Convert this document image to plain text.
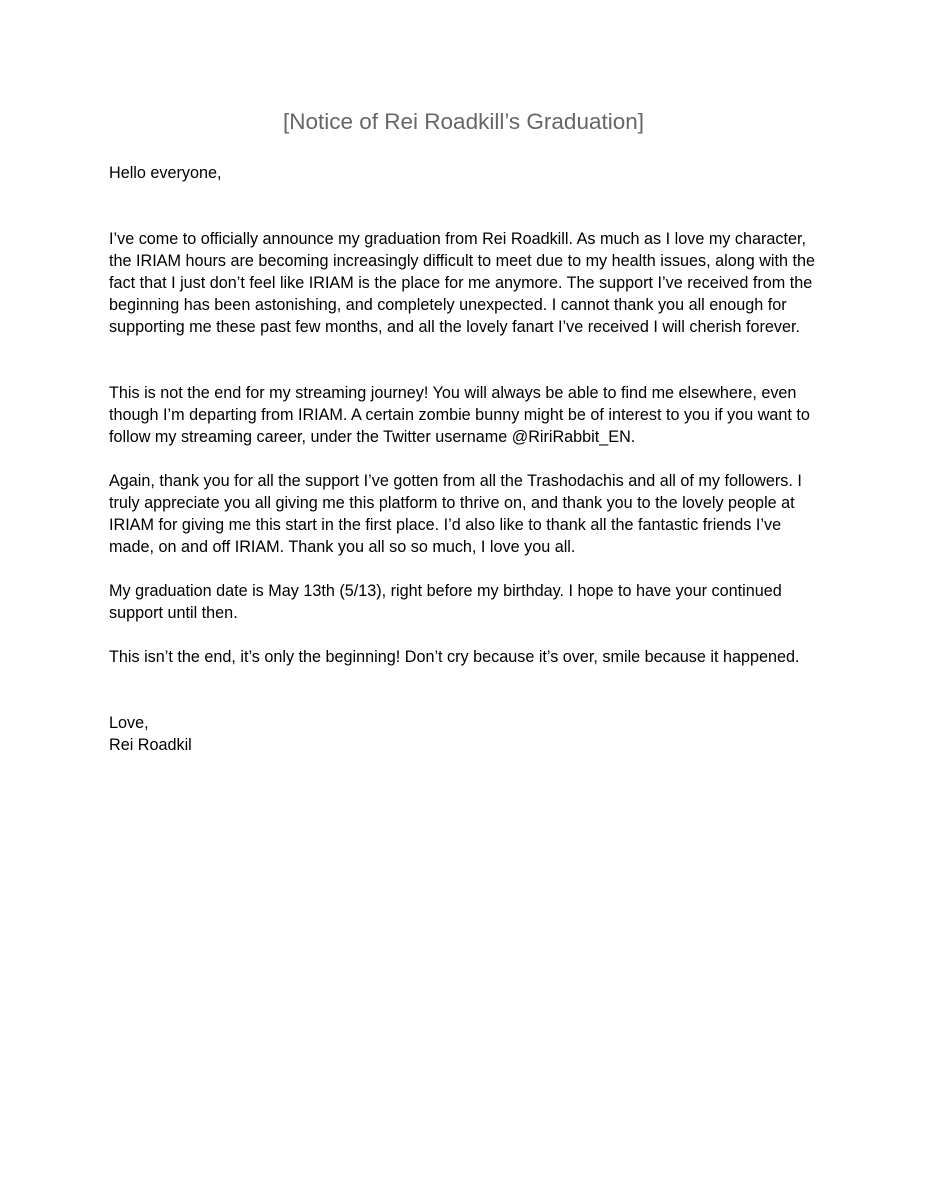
[Notice of Rei Roadkill’s Graduation]

Hello everyone,

I’ve come to officially announce my graduation from Rei Roadkill. As much as I love my character, the IRIAM hours are becoming increasingly difficult to meet due to my health issues, along with the fact that I just don’t feel like IRIAM is the place for me anymore. The support I’ve received from the beginning has been astonishing, and completely unexpected. I cannot thank you all enough for supporting me these past few months, and all the lovely fanart I’ve received I will cherish forever.

This is not the end for my streaming journey! You will always be able to find me elsewhere, even though I’m departing from IRIAM. A certain zombie bunny might be of interest to you if you want to follow my streaming career, under the Twitter username @RiriRabbit_EN.

Again, thank you for all the support I’ve gotten from all the Trashodachis and all of my followers. I truly appreciate you all giving me this platform to thrive on, and thank you to the lovely people at IRIAM for giving me this start in the first place. I’d also like to thank all the fantastic friends I’ve made, on and off IRIAM. Thank you all so so much, I love you all.

My graduation date is May 13th (5/13), right before my birthday. I hope to have your continued support until then.

This isn’t the end, it’s only the beginning! Don’t cry because it’s over, smile because it happened.

Love,

Rei Roadkil
